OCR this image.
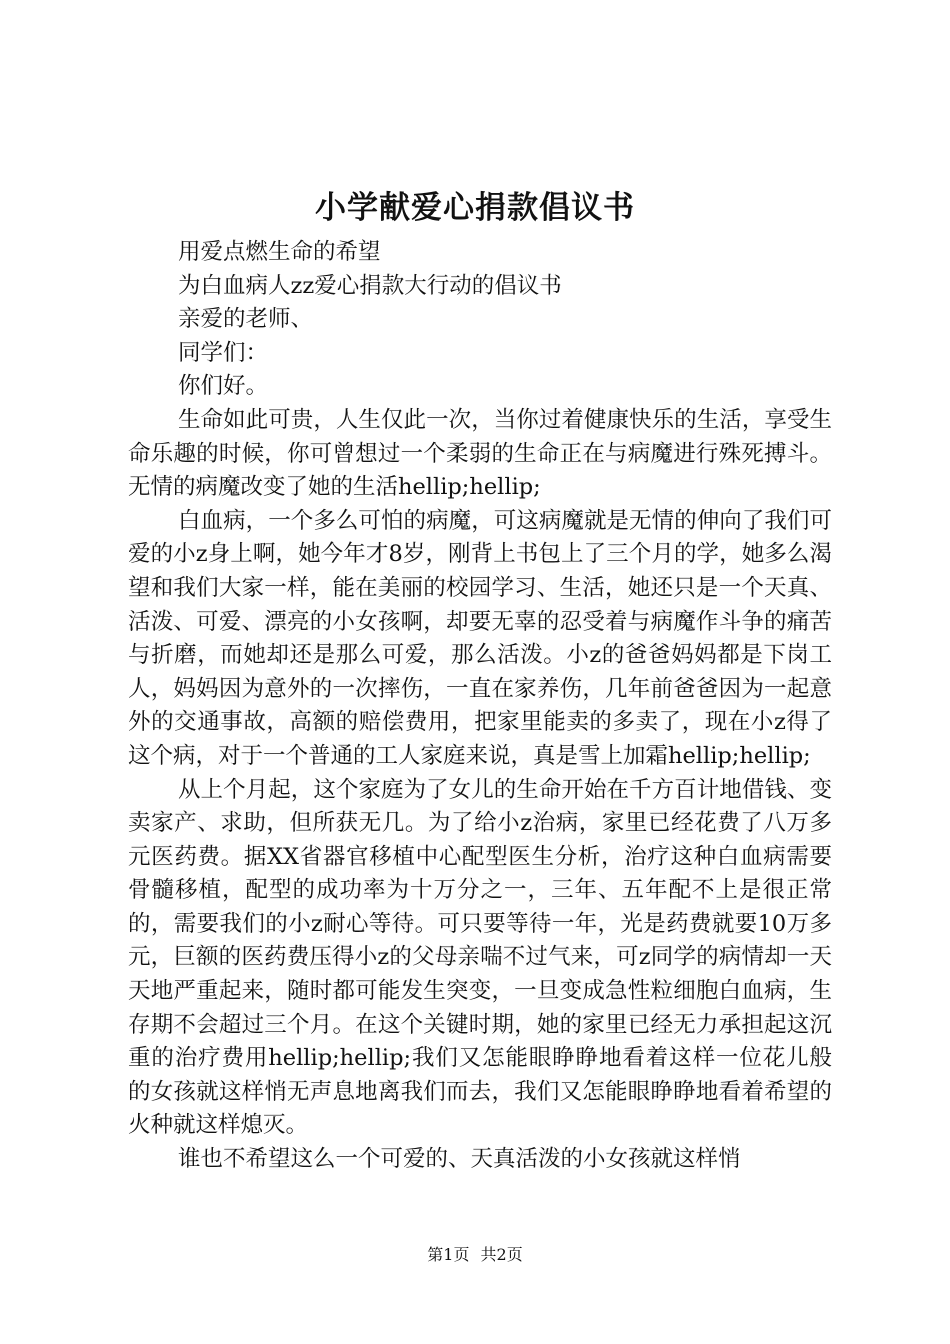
小学献爱心捐款倡议书

用爱点燃生命的希望

为白血病人zz爱心捐款大行动的倡议书

亲爱的老师、

同学们：

你们好。

生命如此可贵，人生仅此一次，当你过着健康快乐的生活，享受生命乐趣的时候，你可曾想过一个柔弱的生命正在与病魔进行殊死搏斗。无情的病魔改变了她的生活hellip;hellip;

白血病，一个多么可怕的病魔，可这病魔就是无情的伸向了我们可爱的小z身上啊，她今年才8岁，刚背上书包上了三个月的学，她多么渴望和我们大家一样，能在美丽的校园学习、生活，她还只是一个天真、活泼、可爱、漂亮的小女孩啊，却要无辜的忍受着与病魔作斗争的痛苦与折磨，而她却还是那么可爱，那么活泼。小z的爸爸妈妈都是下岗工人，妈妈因为意外的一次摔伤，一直在家养伤，几年前爸爸因为一起意外的交通事故，高额的赔偿费用，把家里能卖的多卖了，现在小z得了这个病，对于一个普通的工人家庭来说，真是雪上加霜hellip;hellip;

从上个月起，这个家庭为了女儿的生命开始在千方百计地借钱、变卖家产、求助，但所获无几。为了给小z治病，家里已经花费了八万多元医药费。据XX省器官移植中心配型医生分析，治疗这种白血病需要骨髓移植，配型的成功率为十万分之一，三年、五年配不上是很正常的，需要我们的小z耐心等待。可只要等待一年，光是药费就要10万多元，巨额的医药费压得小z的父母亲喘不过气来，可z同学的病情却一天天地严重起来，随时都可能发生突变，一旦变成急性粒细胞白血病，生存期不会超过三个月。在这个关键时期，她的家里已经无力承担起这沉重的治疗费用hellip;hellip;我们又怎能眼睁睁地看着这样一位花儿般的女孩就这样悄无声息地离我们而去，我们又怎能眼睁睁地看着希望的火种就这样熄灭。

谁也不希望这么一个可爱的、天真活泼的小女孩就这样悄

第1页 共2页
